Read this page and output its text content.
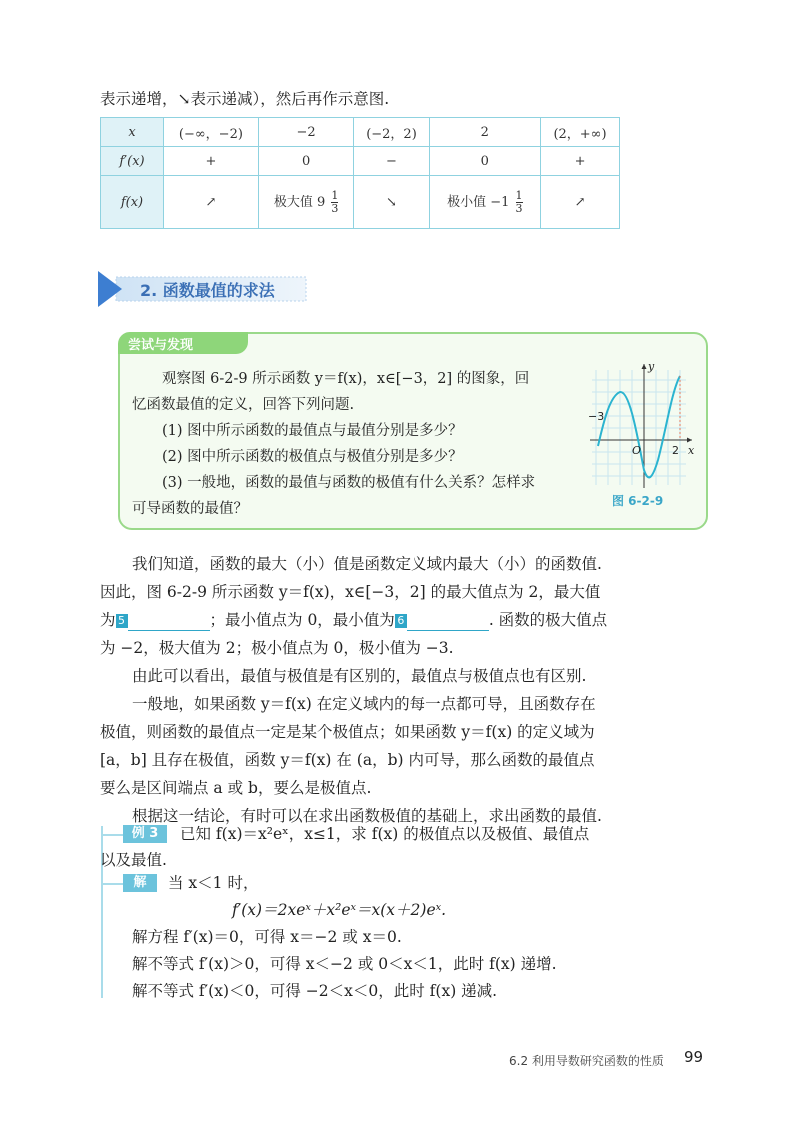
表示递增，↘表示递减），然后再作示意图.
x	(−∞，−2)	−2	(−2，2)	2	(2，+∞)
f′(x)	+	0	−	0	+
f(x)	↗	极大值 $9 \frac{1}{3}$	↘	极小值 $-1 \frac{1}{3}$	↗
2. 函数最值的求法
尝试与发现
观察图 6-2-9 所示函数 y＝f(x)，x∈[−3，2] 的图象，回
忆函数最值的定义，回答下列问题.
(1) 图中所示函数的最值点与最值分别是多少？
(2) 图中所示函数的极值点与极值分别是多少？
(3) 一般地，函数的最值与函数的极值有什么关系？怎样求
可导函数的最值？
y
x
O
−3
2
图 6-2-9
我们知道，函数的最大（小）值是函数定义域内最大（小）的函数值.
因此，图 6-2-9 所示函数 y＝f(x)，x∈[−3，2] 的最大值点为 2，最大值
为 5	；最小值点为 0，最小值为 6	. 函数的极大值点
为 −2，极大值为 2；极小值点为 0，极小值为 −3.
由此可以看出，最值与极值是有区别的，最值点与极值点也有区别.
一般地，如果函数 y＝f(x) 在定义域内的每一点都可导，且函数存在
极值，则函数的最值点一定是某个极值点；如果函数 y＝f(x) 的定义域为
[a，b] 且存在极值，函数 y＝f(x) 在 (a，b) 内可导，那么函数的最值点
要么是区间端点 a 或 b，要么是极值点.
根据这一结论，有时可以在求出函数极值的基础上，求出函数的最值.
例 3	已知 f(x)＝x²eˣ，x≤1，求 f(x) 的极值点以及极值、最值点
以及最值.
解	当 x＜1 时，
f′(x)＝2xeˣ＋x²eˣ＝x(x＋2)eˣ.
解方程 f′(x)＝0，可得 x＝−2 或 x＝0.
解不等式 f′(x)＞0，可得 x＜−2 或 0＜x＜1，此时 f(x) 递增.
解不等式 f′(x)＜0，可得 −2＜x＜0，此时 f(x) 递减.
6.2 利用导数研究函数的性质 99
